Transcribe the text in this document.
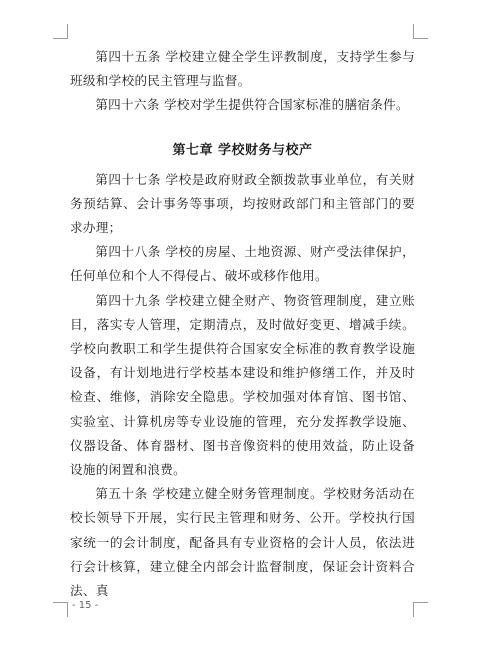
第四十五条 学校建立健全学生评教制度，支持学生参与班级和学校的民主管理与监督。

第四十六条 学校对学生提供符合国家标准的膳宿条件。

第七章 学校财务与校产

第四十七条 学校是政府财政全额拨款事业单位，有关财务预结算、会计事务等事项，均按财政部门和主管部门的要求办理；

第四十八条 学校的房屋、土地资源、财产受法律保护，任何单位和个人不得侵占、破坏或移作他用。

第四十九条 学校建立健全财产、物资管理制度，建立账目，落实专人管理，定期清点，及时做好变更、增减手续。学校向教职工和学生提供符合国家安全标准的教育教学设施设备，有计划地进行学校基本建设和维护修缮工作，并及时检查、维修，消除安全隐患。学校加强对体育馆、图书馆、实验室、计算机房等专业设施的管理，充分发挥教学设施、仪器设备、体育器材、图书音像资料的使用效益，防止设备设施的闲置和浪费。

第五十条 学校建立健全财务管理制度。学校财务活动在校长领导下开展，实行民主管理和财务、公开。学校执行国家统一的会计制度，配备具有专业资格的会计人员，依法进行会计核算，建立健全内部会计监督制度，保证会计资料合法、真

- 15 -
